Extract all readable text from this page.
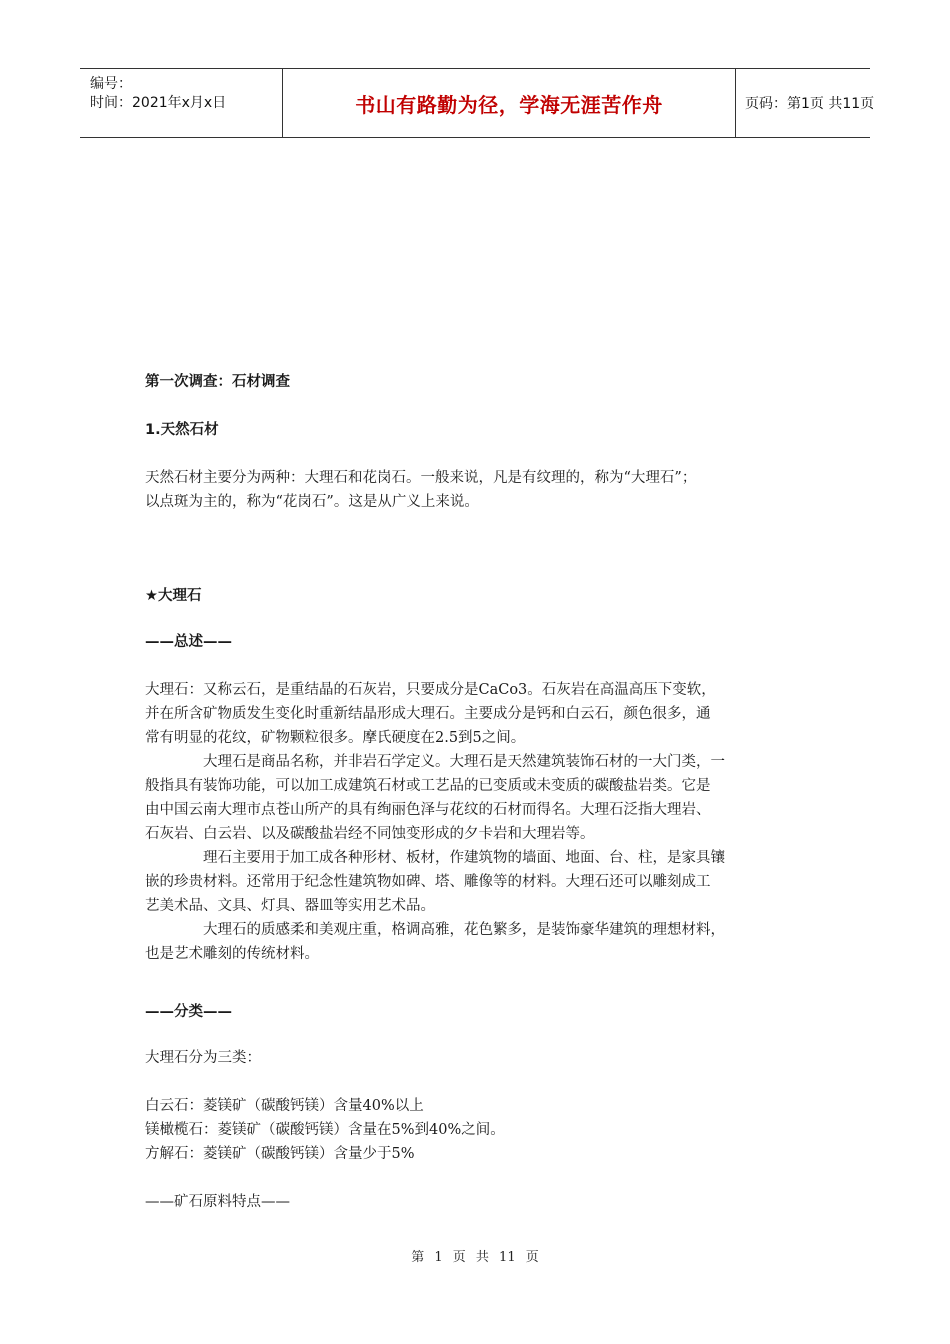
编号：
时间：2021年x月x日	书山有路勤为径，学海无涯苦作舟	页码：第1页 共11页
第一次调查：石材调查
1.天然石材
天然石材主要分为两种：大理石和花岗石。一般来说，凡是有纹理的，称为“大理石”；
以点斑为主的，称为“花岗石”。这是从广义上来说。
★大理石
——总述——
大理石：又称云石，是重结晶的石灰岩，只要成分是CaCo3。石灰岩在高温高压下变软，
并在所含矿物质发生变化时重新结晶形成大理石。主要成分是钙和白云石，颜色很多，通
常有明显的花纹，矿物颗粒很多。摩氏硬度在2.5到5之间。
大理石是商品名称，并非岩石学定义。大理石是天然建筑装饰石材的一大门类，一
般指具有装饰功能，可以加工成建筑石材或工艺品的已变质或未变质的碳酸盐岩类。它是
由中国云南大理市点苍山所产的具有绚丽色泽与花纹的石材而得名。大理石泛指大理岩、
石灰岩、白云岩、以及碳酸盐岩经不同蚀变形成的夕卡岩和大理岩等。
理石主要用于加工成各种形材、板材，作建筑物的墙面、地面、台、柱，是家具镶
嵌的珍贵材料。还常用于纪念性建筑物如碑、塔、雕像等的材料。大理石还可以雕刻成工
艺美术品、文具、灯具、器皿等实用艺术品。
大理石的质感柔和美观庄重，格调高雅，花色繁多，是装饰豪华建筑的理想材料，
也是艺术雕刻的传统材料。
——分类——
大理石分为三类：
白云石：菱镁矿（碳酸钙镁）含量40%以上
镁橄榄石：菱镁矿（碳酸钙镁）含量在5%到40%之间。
方解石：菱镁矿（碳酸钙镁）含量少于5%
——矿石原料特点——
第 1 页 共 11 页
